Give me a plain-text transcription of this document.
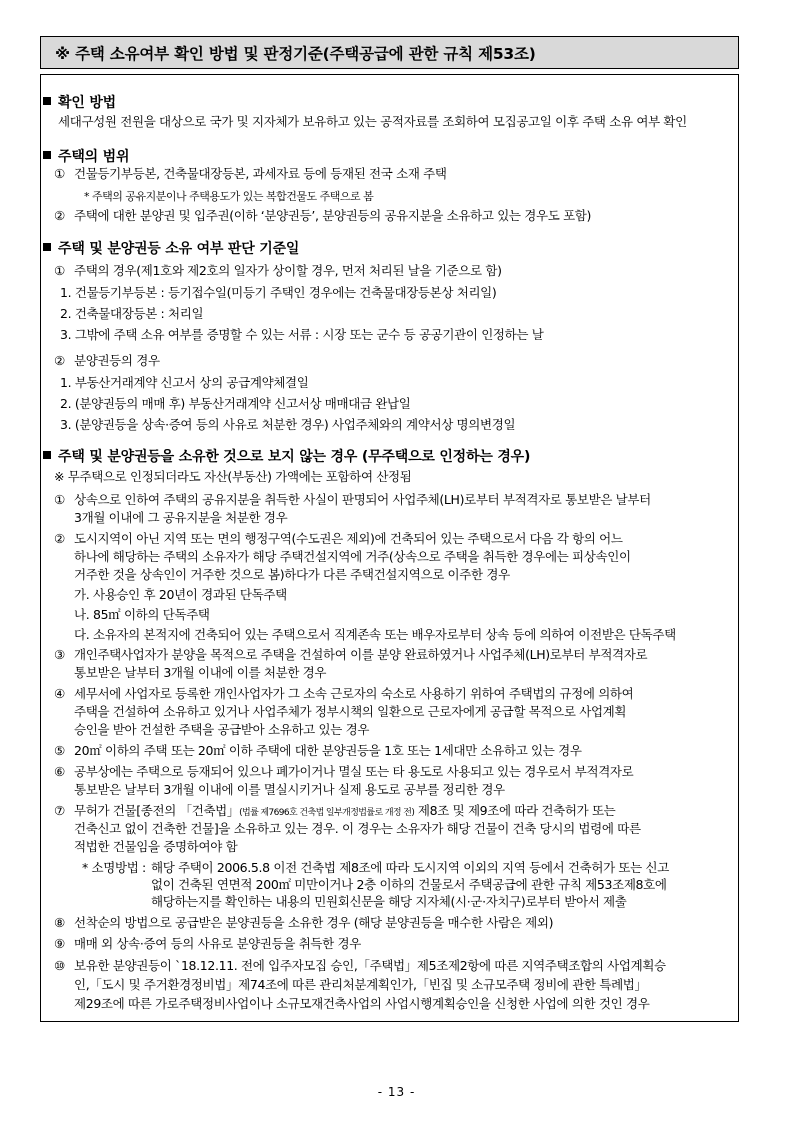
※ 주택 소유여부 확인 방법 및 판정기준(주택공급에 관한 규칙 제53조)
확인 방법
세대구성원 전원을 대상으로 국가 및 지자체가 보유하고 있는 공적자료를 조회하여 모집공고일 이후 주택 소유 여부 확인
주택의 범위
① 건물등기부등본, 건축물대장등본, 과세자료 등에 등재된 전국 소재 주택
* 주택의 공유지분이나 주택용도가 있는 복합건물도 주택으로 봄
② 주택에 대한 분양권 및 입주권(이하 ‘분양권등’, 분양권등의 공유지분을 소유하고 있는 경우도 포함)
주택 및 분양권등 소유 여부 판단 기준일
① 주택의 경우(제1호와 제2호의 일자가 상이할 경우, 먼저 처리된 날을 기준으로 함)
1. 건물등기부등본 : 등기접수일(미등기 주택인 경우에는 건축물대장등본상 처리일)
2. 건축물대장등본 : 처리일
3. 그밖에 주택 소유 여부를 증명할 수 있는 서류 : 시장 또는 군수 등 공공기관이 인정하는 날
② 분양권등의 경우
1. 부동산거래계약 신고서 상의 공급계약체결일
2. (분양권등의 매매 후) 부동산거래계약 신고서상 매매대금 완납일
3. (분양권등을 상속·증여 등의 사유로 처분한 경우) 사업주체와의 계약서상 명의변경일
주택 및 분양권등을 소유한 것으로 보지 않는 경우 (무주택으로 인정하는 경우)
※ 무주택으로 인정되더라도 자산(부동산) 가액에는 포함하여 산정됨
① 상속으로 인하여 주택의 공유지분을 취득한 사실이 판명되어 사업주체(LH)로부터 부적격자로 통보받은 날부터
3개월 이내에 그 공유지분을 처분한 경우
② 도시지역이 아닌 지역 또는 면의 행정구역(수도권은 제외)에 건축되어 있는 주택으로서 다음 각 항의 어느
하나에 해당하는 주택의 소유자가 해당 주택건설지역에 거주(상속으로 주택을 취득한 경우에는 피상속인이
거주한 것을 상속인이 거주한 것으로 봄)하다가 다른 주택건설지역으로 이주한 경우
가. 사용승인 후 20년이 경과된 단독주택
나. 85㎡ 이하의 단독주택
다. 소유자의 본적지에 건축되어 있는 주택으로서 직계존속 또는 배우자로부터 상속 등에 의하여 이전받은 단독주택
③ 개인주택사업자가 분양을 목적으로 주택을 건설하여 이를 분양 완료하였거나 사업주체(LH)로부터 부적격자로
통보받은 날부터 3개월 이내에 이를 처분한 경우
④ 세무서에 사업자로 등록한 개인사업자가 그 소속 근로자의 숙소로 사용하기 위하여 주택법의 규정에 의하여
주택을 건설하여 소유하고 있거나 사업주체가 정부시책의 일환으로 근로자에게 공급할 목적으로 사업계획
승인을 받아 건설한 주택을 공급받아 소유하고 있는 경우
⑤ 20㎡ 이하의 주택 또는 20㎡ 이하 주택에 대한 분양권등을 1호 또는 1세대만 소유하고 있는 경우
⑥ 공부상에는 주택으로 등재되어 있으나 폐가이거나 멸실 또는 타 용도로 사용되고 있는 경우로서 부적격자로
통보받은 날부터 3개월 이내에 이를 멸실시키거나 실제 용도로 공부를 정리한 경우
⑦ 무허가 건물[종전의 「건축법」(법률 제7696호 건축법 일부개정법률로 개정 전) 제8조 및 제9조에 따라 건축허가 또는
건축신고 없이 건축한 건물]을 소유하고 있는 경우. 이 경우는 소유자가 해당 건물이 건축 당시의 법령에 따른
적법한 건물임을 증명하여야 함
* 소명방법 : 해당 주택이 2006.5.8 이전 건축법 제8조에 따라 도시지역 이외의 지역 등에서 건축허가 또는 신고
없이 건축된 연면적 200㎡ 미만이거나 2층 이하의 건물로서 주택공급에 관한 규칙 제53조제8호에
해당하는지를 확인하는 내용의 민원회신문을 해당 지자체(시·군·자치구)로부터 받아서 제출
⑧ 선착순의 방법으로 공급받은 분양권등을 소유한 경우 (해당 분양권등을 매수한 사람은 제외)
⑨ 매매 외 상속·증여 등의 사유로 분양권등을 취득한 경우
⑩ 보유한 분양권등이 `18.12.11. 전에 입주자모집 승인,「주택법」제5조제2항에 따른 지역주택조합의 사업계획승
인,「도시 및 주거환경정비법」제74조에 따른 관리처분계획인가,「빈집 및 소규모주택 정비에 관한 특례법」
제29조에 따른 가로주택정비사업이나 소규모재건축사업의 사업시행계획승인을 신청한 사업에 의한 것인 경우
- 13 -
